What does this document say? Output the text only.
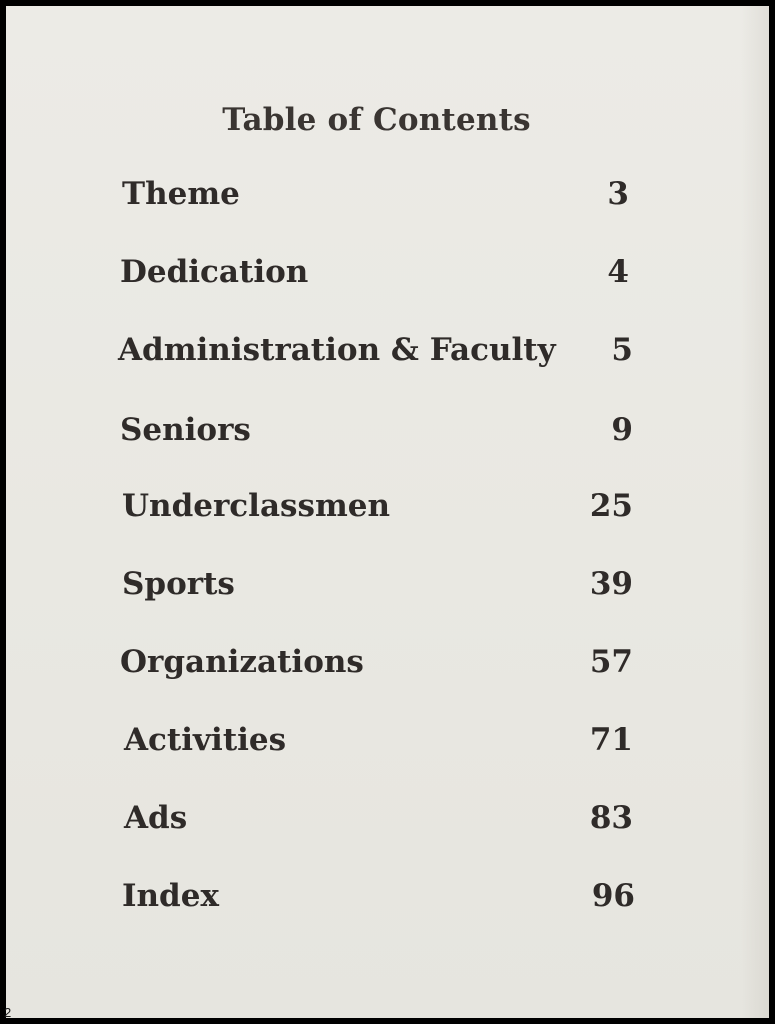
Table of Contents
Theme	3
Dedication	4
Administration & Faculty 5
Seniors	9
Underclassmen	25
Sports	39
Organizations	57
Activities	71
Ads	83
Index	96
2
